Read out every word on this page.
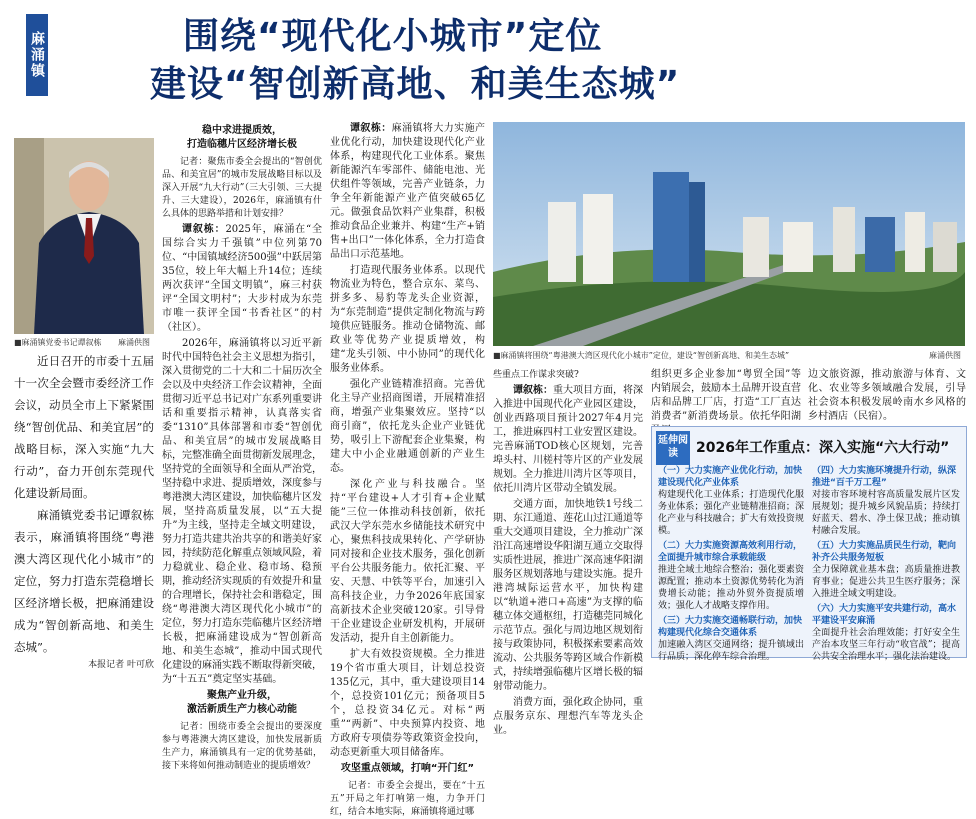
麻涌镇	围绕“现代化小城市”定位
建设“智创新高地、和美生态城”
■麻涌镇党委书记谭叙栋 麻涌供图

近日召开的市委十五届十一次全会暨市委经济工作会议，动员全市上下紧紧围绕“智创优品、和美宜居”的战略目标，深入实施“九大行动”，奋力开创东莞现代化建设新局面。

麻涌镇党委书记谭叙栋表示，麻涌镇将围绕“粤港澳大湾区现代化小城市”的定位，努力打造东莞稳增长区经济增长极，把麻涌建设成为“智创新高地、和美生态城”。

本报记者 叶可欣
稳中求进提质效，
打造临穗片区经济增长极

记者：聚焦市委全会提出的“智创优品、和美宜居”的城市发展战略目标以及深入开展“九大行动”（三大引领、三大提升、三大建设），2026年，麻涌镇有什么具体的思路举措和计划安排？

谭叙栋：2025年，麻涌在“全国综合实力千强镇”中位列第70位、“中国镇域经济500强”中跃居第35位，较上年大幅上升14位；连续两次获评“全国文明镇”，麻三村获评“全国文明村”；大步村成为东莞市唯一获评全国“书香社区”的村（社区）。

2026年，麻涌镇将以习近平新时代中国特色社会主义思想为指引，深入贯彻党的二十大和二十届历次全会以及中央经济工作会议精神，全面贯彻习近平总书记对广东系列重要讲话和重要指示精神，认真落实省委“1310”具体部署和市委“智创优品、和美宜居”的城市发展战略目标，完整准确全面贯彻新发展理念，坚持党的全面领导和全面从严治党，坚持稳中求进、提质增效，深度参与粤港澳大湾区建设，加快临穗片区发展，坚持高质量发展，以“五大提升”为主线，坚持走全域文明建设，努力打造共建共治共享的和谐美好家园，持续防范化解重点领域风险，着力稳就业、稳企业、稳市场、稳预期，推动经济实现质的有效提升和量的合理增长，保持社会和谐稳定，围绕“粤港澳大湾区现代化小城市”的定位，努力打造东莞临穗片区经济增长极，把麻涌建设成为“智创新高地、和美生态城”，推动中国式现代化建设的麻涌实践不断取得新突破，为“十五五”奠定坚实基础。

聚焦产业升级，
激活新质生产力核心动能

记者：围绕市委全会提出的要深度参与粤港澳大湾区建设，加快发展新质生产力，麻涌镇具有一定的优势基础，接下来将如何推动制造业的提质增效？

谭叙栋：麻涌镇将大力实施产业优化行动，加快建设现代化产业体系，构建现代化工业体系。聚焦新能源汽车零部件、储能电池、光伏组件等领域，完善产业链条，力争全年新能源产业产值突破65亿元。做强食品饮料产业集群，积极推动食品企业兼并、构建“生产+销售+出口”一体化体系，全力打造食品出口示范基地。

打造现代服务业体系。以现代物流业为特色，整合京东、菜鸟、拼多多、易豹等龙头企业资源，为“东莞制造”提供定制化物流与跨境供应链服务。推动仓储物流、邮政业等优势产业提质增效，构建“龙头引领、中小协同”的现代化服务业体系。

强化产业链精准招商。完善优化主导产业招商图谱，开展精准招商，增强产业集聚效应。坚持“以商引商”，依托龙头企业产业链优势，吸引上下游配套企业集聚，构建大中小企业融通创新的产业生态。

深化产业与科技融合。坚持“平台建设+人才引育+企业赋能”三位一体推动科技创新，依托武汉大学东莞水乡储能技术研究中心，聚焦科技成果转化、产学研协同对接和企业技术服务，强化创新平台公共服务能力。依托汇聚、平安、天慧、中铁等平台，加速引入高科技企业，力争2026年底国家高新技术企业突破120家。引导骨干企业建设企业研发机构，开展研发活动，提升自主创新能力。

扩大有效投资规模。全力推进19个省市重大项目，计划总投资135亿元，其中，重大建设项目14个，总投资101亿元；预备项目5个，总投资34亿元。对标“两重”“两新”、中央预算内投资、地方政府专项债券等政策资金投向，动态更新重大项目储备库。

攻坚重点领域，打响“开门红”

记者：市委全会提出，要在“十五五”开局之年打响第一炮，力争开门红，结合本地实际，麻涌镇将通过哪

■麻涌镇将围绕“粤港澳大湾区现代化小城市”定位，建设“智创新高地、和美生态城”	麻涌供图

些重点工作谋求突破?

谭叙栋：重大项目方面，将深入推进中国现代化产业园区建设，创业西路项目预计2027年4月完工，推进麻四村工业安置区建设。完善麻涌TOD核心区规划，完善埠头村、川槎村等片区的产业发展规划。全力推进川湾片区等项目，依托川湾片区带动全镇发展。

交通方面，加快地铁1号线二期、东江通道、莲花山过江通道等重大交通项目建设，全力推动广深沿江高速增设华阳湖互通立交取得实质性进展，推进广深高速华阳湖服务区规划落地与建设实施。提升港湾城际运营水平，加快构建以“轨道+港口+高速”为支撑的临穗立体交通枢纽，打造穗莞同城化示范节点。强化与周边地区规划衔接与政策协同，积极探索要素高效流动、公共服务等跨区域合作新模式，持续增强临穗片区增长极的辐射带动能力。

消费方面，强化政企协同，重点服务京东、理想汽车等龙头企业。

组织更多企业参加“粤贸全国”等内销展会，鼓励本土品牌开设直营店和品牌工厂店，打造“工厂直达消费者”新消费场景。依托华阳湖

边文旅资源，推动旅游与体育、文化、农业等多领域融合发展，引导社会资本积极发展岭南水乡风格的乡村酒店（民宿）。

延伸阅读	2026年工作重点：深入实施“六大行动”
（一）大力实施产业优化行动，加快建设现代化产业体系

构建现代化工业体系；打造现代化服务业体系；强化产业链精准招商；深化产业与科技融合；扩大有效投资规模。

（二）大力实施资源高效利用行动，全面提升城市综合承载能级

推进全域土地综合整治；强化要素资源配置；推动本土资源优势转化为消费增长动能；推动外贸外资提质增效；强化人才战略支撑作用。

（三）大力实施交通畅联行动，加快构建现代化综合交通体系

加速融入湾区交通网络；提升镇域出行品质；深化停车综合治理。

（四）大力实施环境提升行动，纵深推进“百千万工程”

对接市容环境村容高质量发展片区发展规划；提升城乡风貌品质；持续打好蓝天、碧水、净土保卫战；推动镇村融合发展。

（五）大力实施品质民生行动，靶向补齐公共服务短板

全力保障就业基本盘；高质量推进教育事业；促进公共卫生医疗服务；深入推进全域文明建设。

（六）大力实施平安共建行动，高水平建设平安麻涌

全面提升社会治理效能；打好安全生产治本攻坚三年行动“收官战”；提高公共安全治理水平；强化法治建设。
